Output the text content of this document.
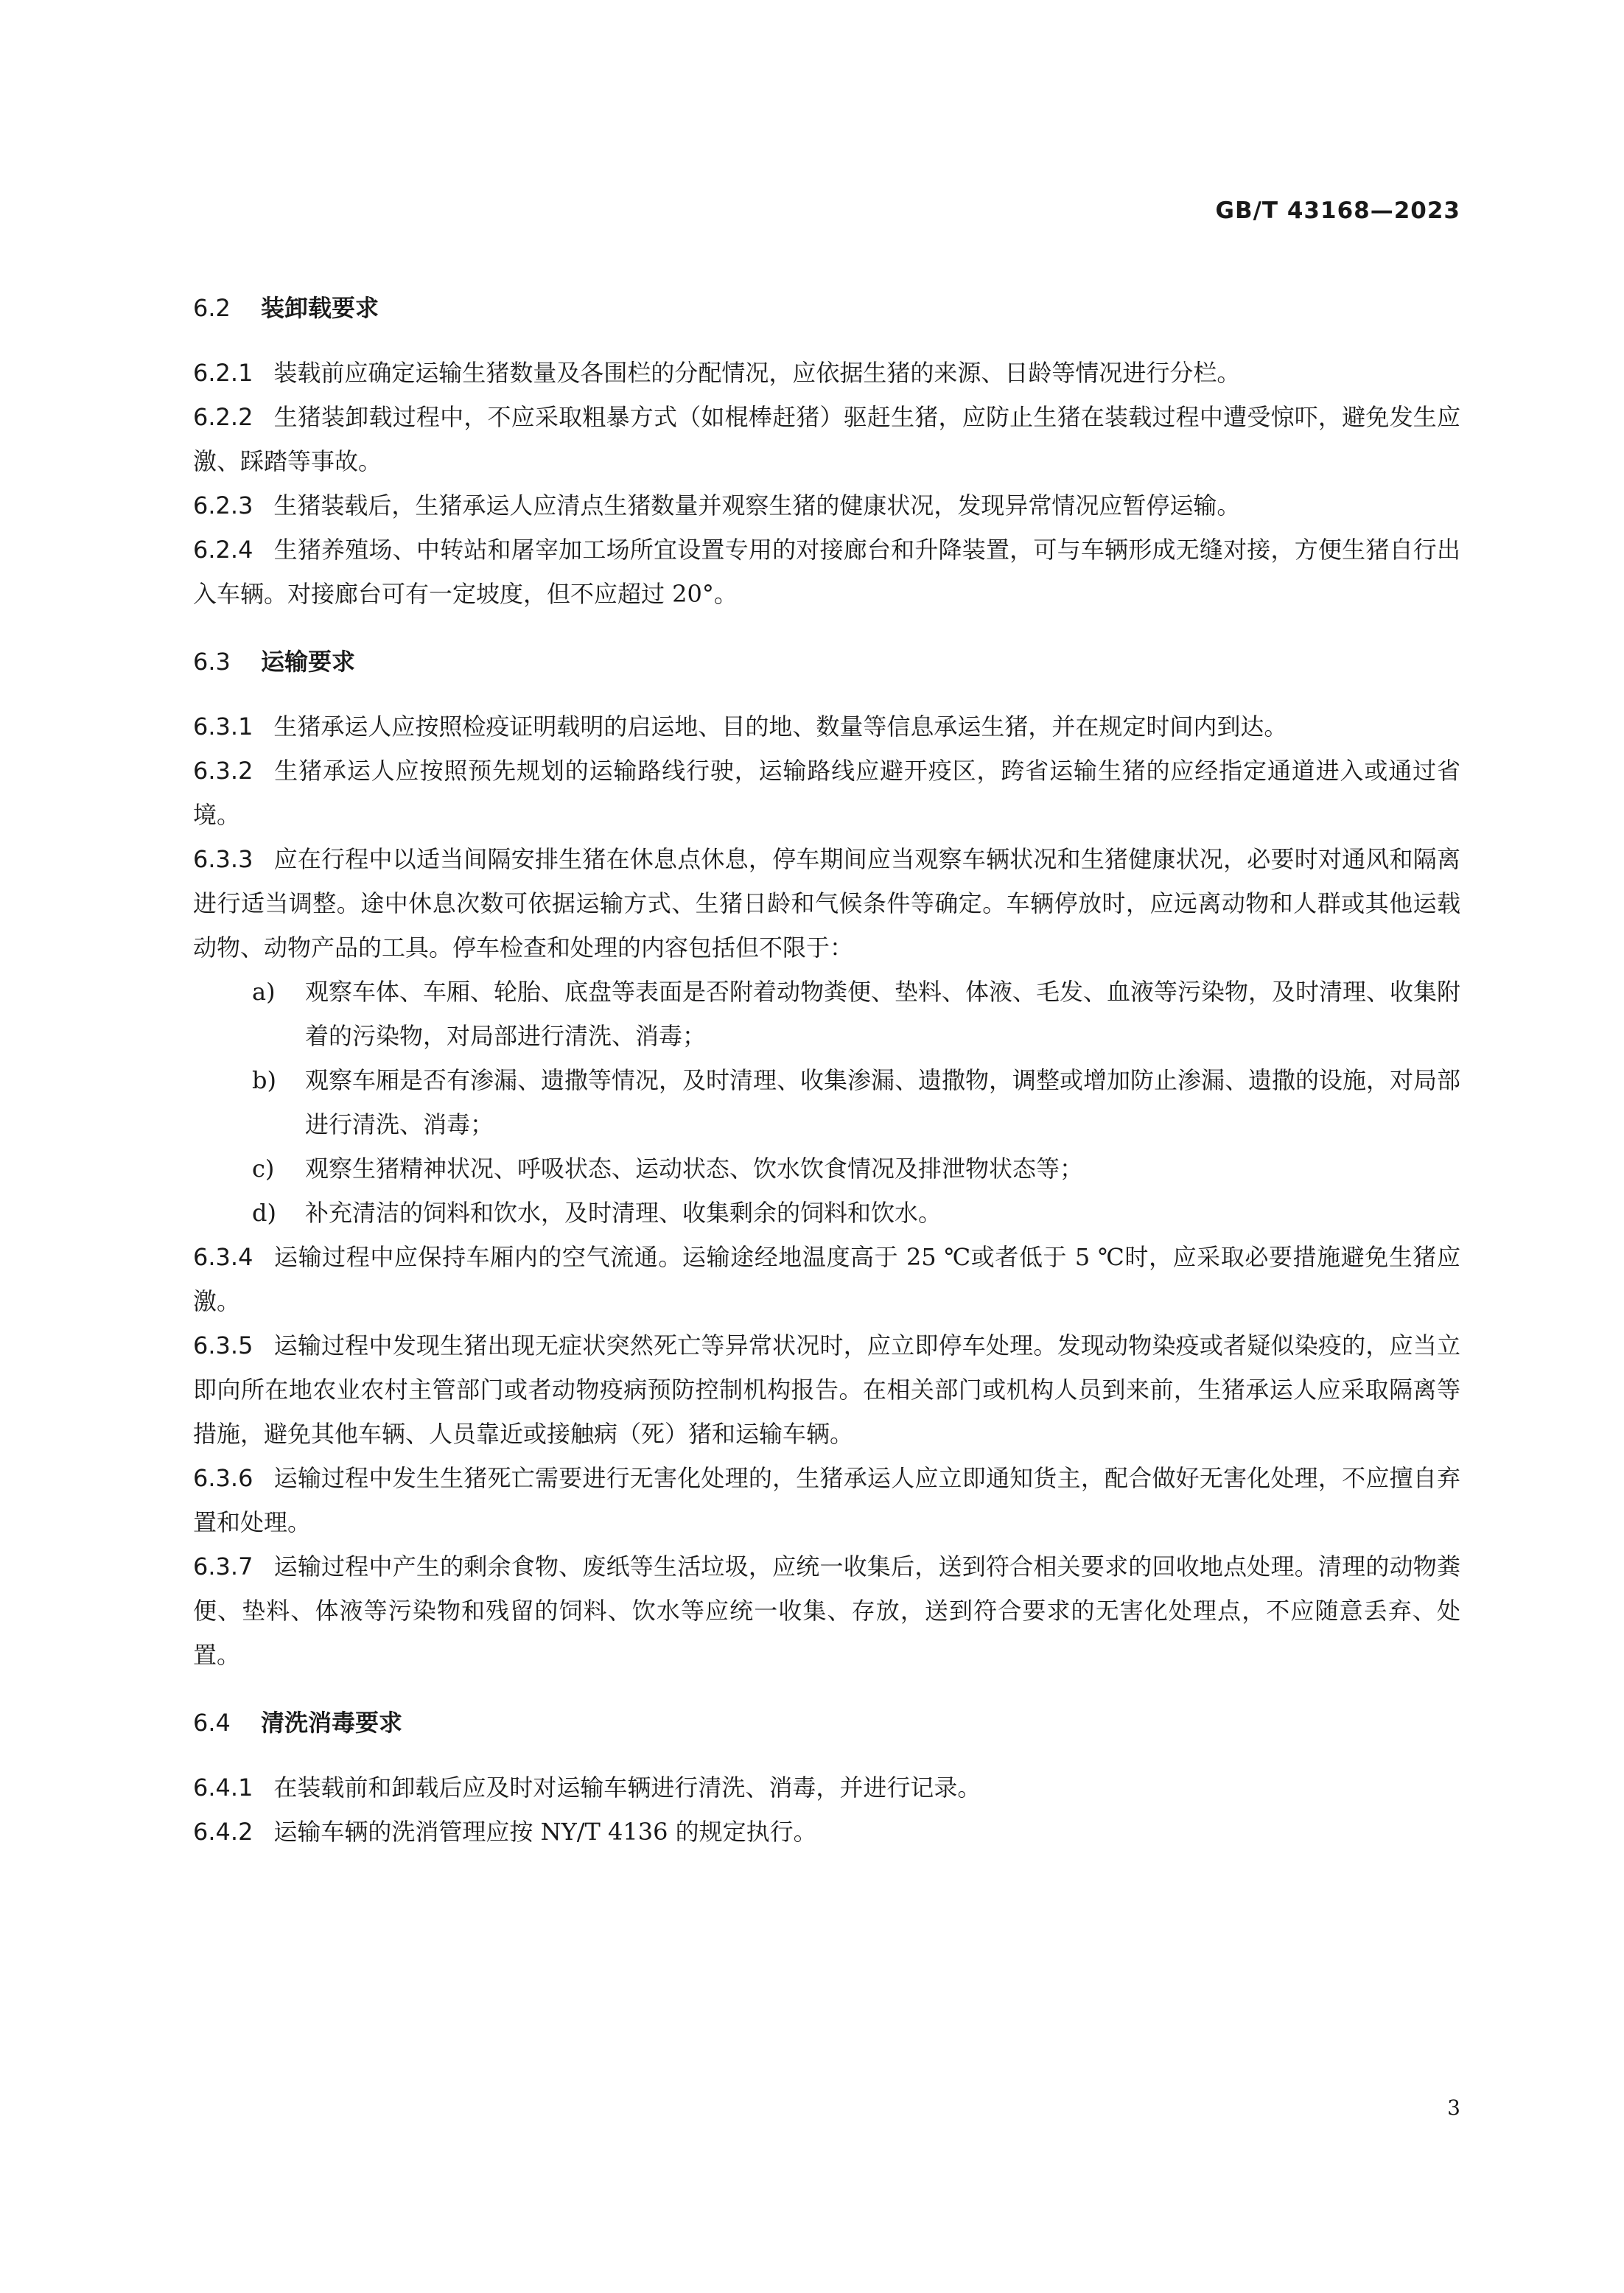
GB/T 43168—2023
6.2 装卸载要求

6.2.1 装载前应确定运输生猪数量及各围栏的分配情况，应依据生猪的来源、日龄等情况进行分栏。

6.2.2 生猪装卸载过程中，不应采取粗暴方式（如棍棒赶猪）驱赶生猪，应防止生猪在装载过程中遭受惊吓，避免发生应激、踩踏等事故。

6.2.3 生猪装载后，生猪承运人应清点生猪数量并观察生猪的健康状况，发现异常情况应暂停运输。

6.2.4 生猪养殖场、中转站和屠宰加工场所宜设置专用的对接廊台和升降装置，可与车辆形成无缝对接，方便生猪自行出入车辆。对接廊台可有一定坡度，但不应超过 20°。

6.3 运输要求

6.3.1 生猪承运人应按照检疫证明载明的启运地、目的地、数量等信息承运生猪，并在规定时间内到达。

6.3.2 生猪承运人应按照预先规划的运输路线行驶，运输路线应避开疫区，跨省运输生猪的应经指定通道进入或通过省境。

6.3.3 应在行程中以适当间隔安排生猪在休息点休息，停车期间应当观察车辆状况和生猪健康状况，必要时对通风和隔离进行适当调整。途中休息次数可依据运输方式、生猪日龄和气候条件等确定。车辆停放时，应远离动物和人群或其他运载动物、动物产品的工具。停车检查和处理的内容包括但不限于：

a) 观察车体、车厢、轮胎、底盘等表面是否附着动物粪便、垫料、体液、毛发、血液等污染物，及时清理、收集附着的污染物，对局部进行清洗、消毒；

b) 观察车厢是否有渗漏、遗撒等情况，及时清理、收集渗漏、遗撒物，调整或增加防止渗漏、遗撒的设施，对局部进行清洗、消毒；

c) 观察生猪精神状况、呼吸状态、运动状态、饮水饮食情况及排泄物状态等；

d) 补充清洁的饲料和饮水，及时清理、收集剩余的饲料和饮水。

6.3.4 运输过程中应保持车厢内的空气流通。运输途经地温度高于 25 ℃或者低于 5 ℃时，应采取必要措施避免生猪应激。

6.3.5 运输过程中发现生猪出现无症状突然死亡等异常状况时，应立即停车处理。发现动物染疫或者疑似染疫的，应当立即向所在地农业农村主管部门或者动物疫病预防控制机构报告。在相关部门或机构人员到来前，生猪承运人应采取隔离等措施，避免其他车辆、人员靠近或接触病（死）猪和运输车辆。

6.3.6 运输过程中发生生猪死亡需要进行无害化处理的，生猪承运人应立即通知货主，配合做好无害化处理，不应擅自弃置和处理。

6.3.7 运输过程中产生的剩余食物、废纸等生活垃圾，应统一收集后，送到符合相关要求的回收地点处理。清理的动物粪便、垫料、体液等污染物和残留的饲料、饮水等应统一收集、存放，送到符合要求的无害化处理点，不应随意丢弃、处置。

6.4 清洗消毒要求

6.4.1 在装载前和卸载后应及时对运输车辆进行清洗、消毒，并进行记录。

6.4.2 运输车辆的洗消管理应按 NY/T 4136 的规定执行。

3
